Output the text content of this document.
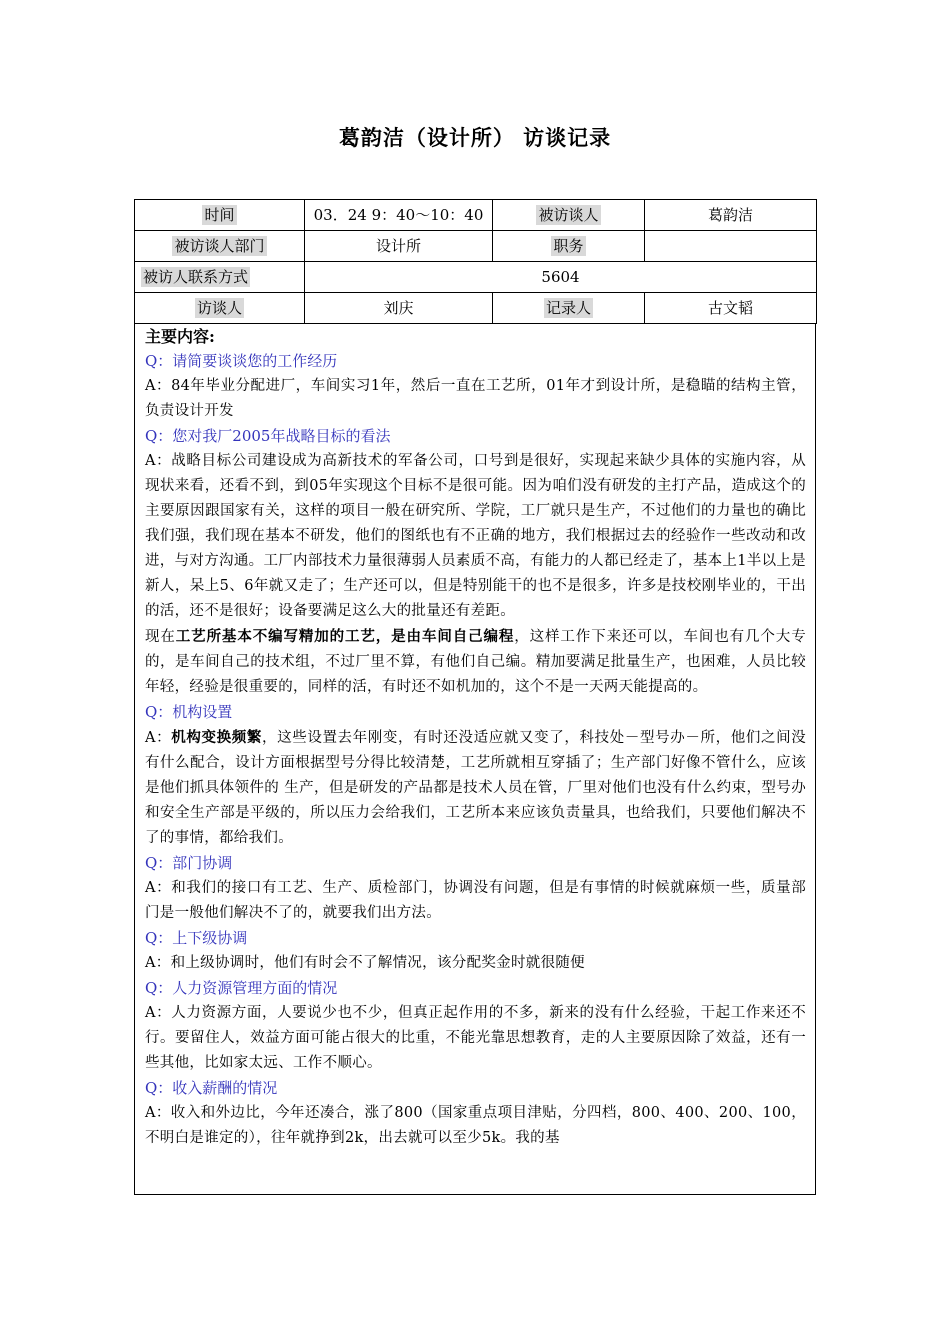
葛韵洁（设计所） 访谈记录
时间	03．24 9：40～10：40	被访谈人	葛韵洁
被访谈人部门	设计所	职务	
被访人联系方式	5604		
访谈人	刘庆	记录人	古文韬
主要内容:
Q：请简要谈谈您的工作经历
A：84年毕业分配进厂，车间实习1年，然后一直在工艺所，01年才到设计所，是稳瞄的结构主管，负责设计开发
Q：您对我厂2005年战略目标的看法
A：战略目标公司建设成为高新技术的军备公司，口号到是很好，实现起来缺少具体的实施内容，从现状来看，还看不到，到05年实现这个目标不是很可能。因为咱们没有研发的主打产品，造成这个的主要原因跟国家有关，这样的项目一般在研究所、学院，工厂就只是生产，不过他们的力量也的确比我们强，我们现在基本不研发，他们的图纸也有不正确的地方，我们根据过去的经验作一些改动和改进，与对方沟通。工厂内部技术力量很薄弱人员素质不高，有能力的人都已经走了，基本上1半以上是新人，呆上5、6年就又走了；生产还可以，但是特别能干的也不是很多，许多是技校刚毕业的，干出 的活，还不是很好；设备要满足这么大的批量还有差距。
现在工艺所基本不编写精加的工艺，是由车间自己编程，这样工作下来还可以，车间也有几个大专的，是车间自己的技术组，不过厂里不算，有他们自己编。精加要满足批量生产，也困难，人员比较年轻，经验是很重要的，同样的活，有时还不如机加的，这个不是一天两天能提高的。
Q：机构设置
A：机构变换频繁，这些设置去年刚变，有时还没适应就又变了，科技处－型号办－所，他们之间没有什么配合，设计方面根据型号分得比较清楚，工艺所就相互穿插了；生产部门好像不管什么，应该是他们抓具体领件的 生产，但是研发的产品都是技术人员在管，厂里对他们也没有什么约束，型号办和安全生产部是平级的，所以压力会给我们，工艺所本来应该负责量具，也给我们，只要他们解决不了的事情，都给我们。
Q：部门协调
A：和我们的接口有工艺、生产、质检部门，协调没有问题，但是有事情的时候就麻烦一些，质量部门是一般他们解决不了的，就要我们出方法。
Q：上下级协调
A：和上级协调时，他们有时会不了解情况，该分配奖金时就很随便
Q：人力资源管理方面的情况
A：人力资源方面，人要说少也不少，但真正起作用的不多，新来的没有什么经验，干起工作来还不行。要留住人，效益方面可能占很大的比重，不能光靠思想教育，走的人主要原因除了效益，还有一些其他，比如家太远、工作不顺心。
Q：收入薪酬的情况
A：收入和外边比，今年还凑合，涨了800（国家重点项目津贴，分四档，800、400、200、100，不明白是谁定的），往年就挣到2k，出去就可以至少5k。我的基
